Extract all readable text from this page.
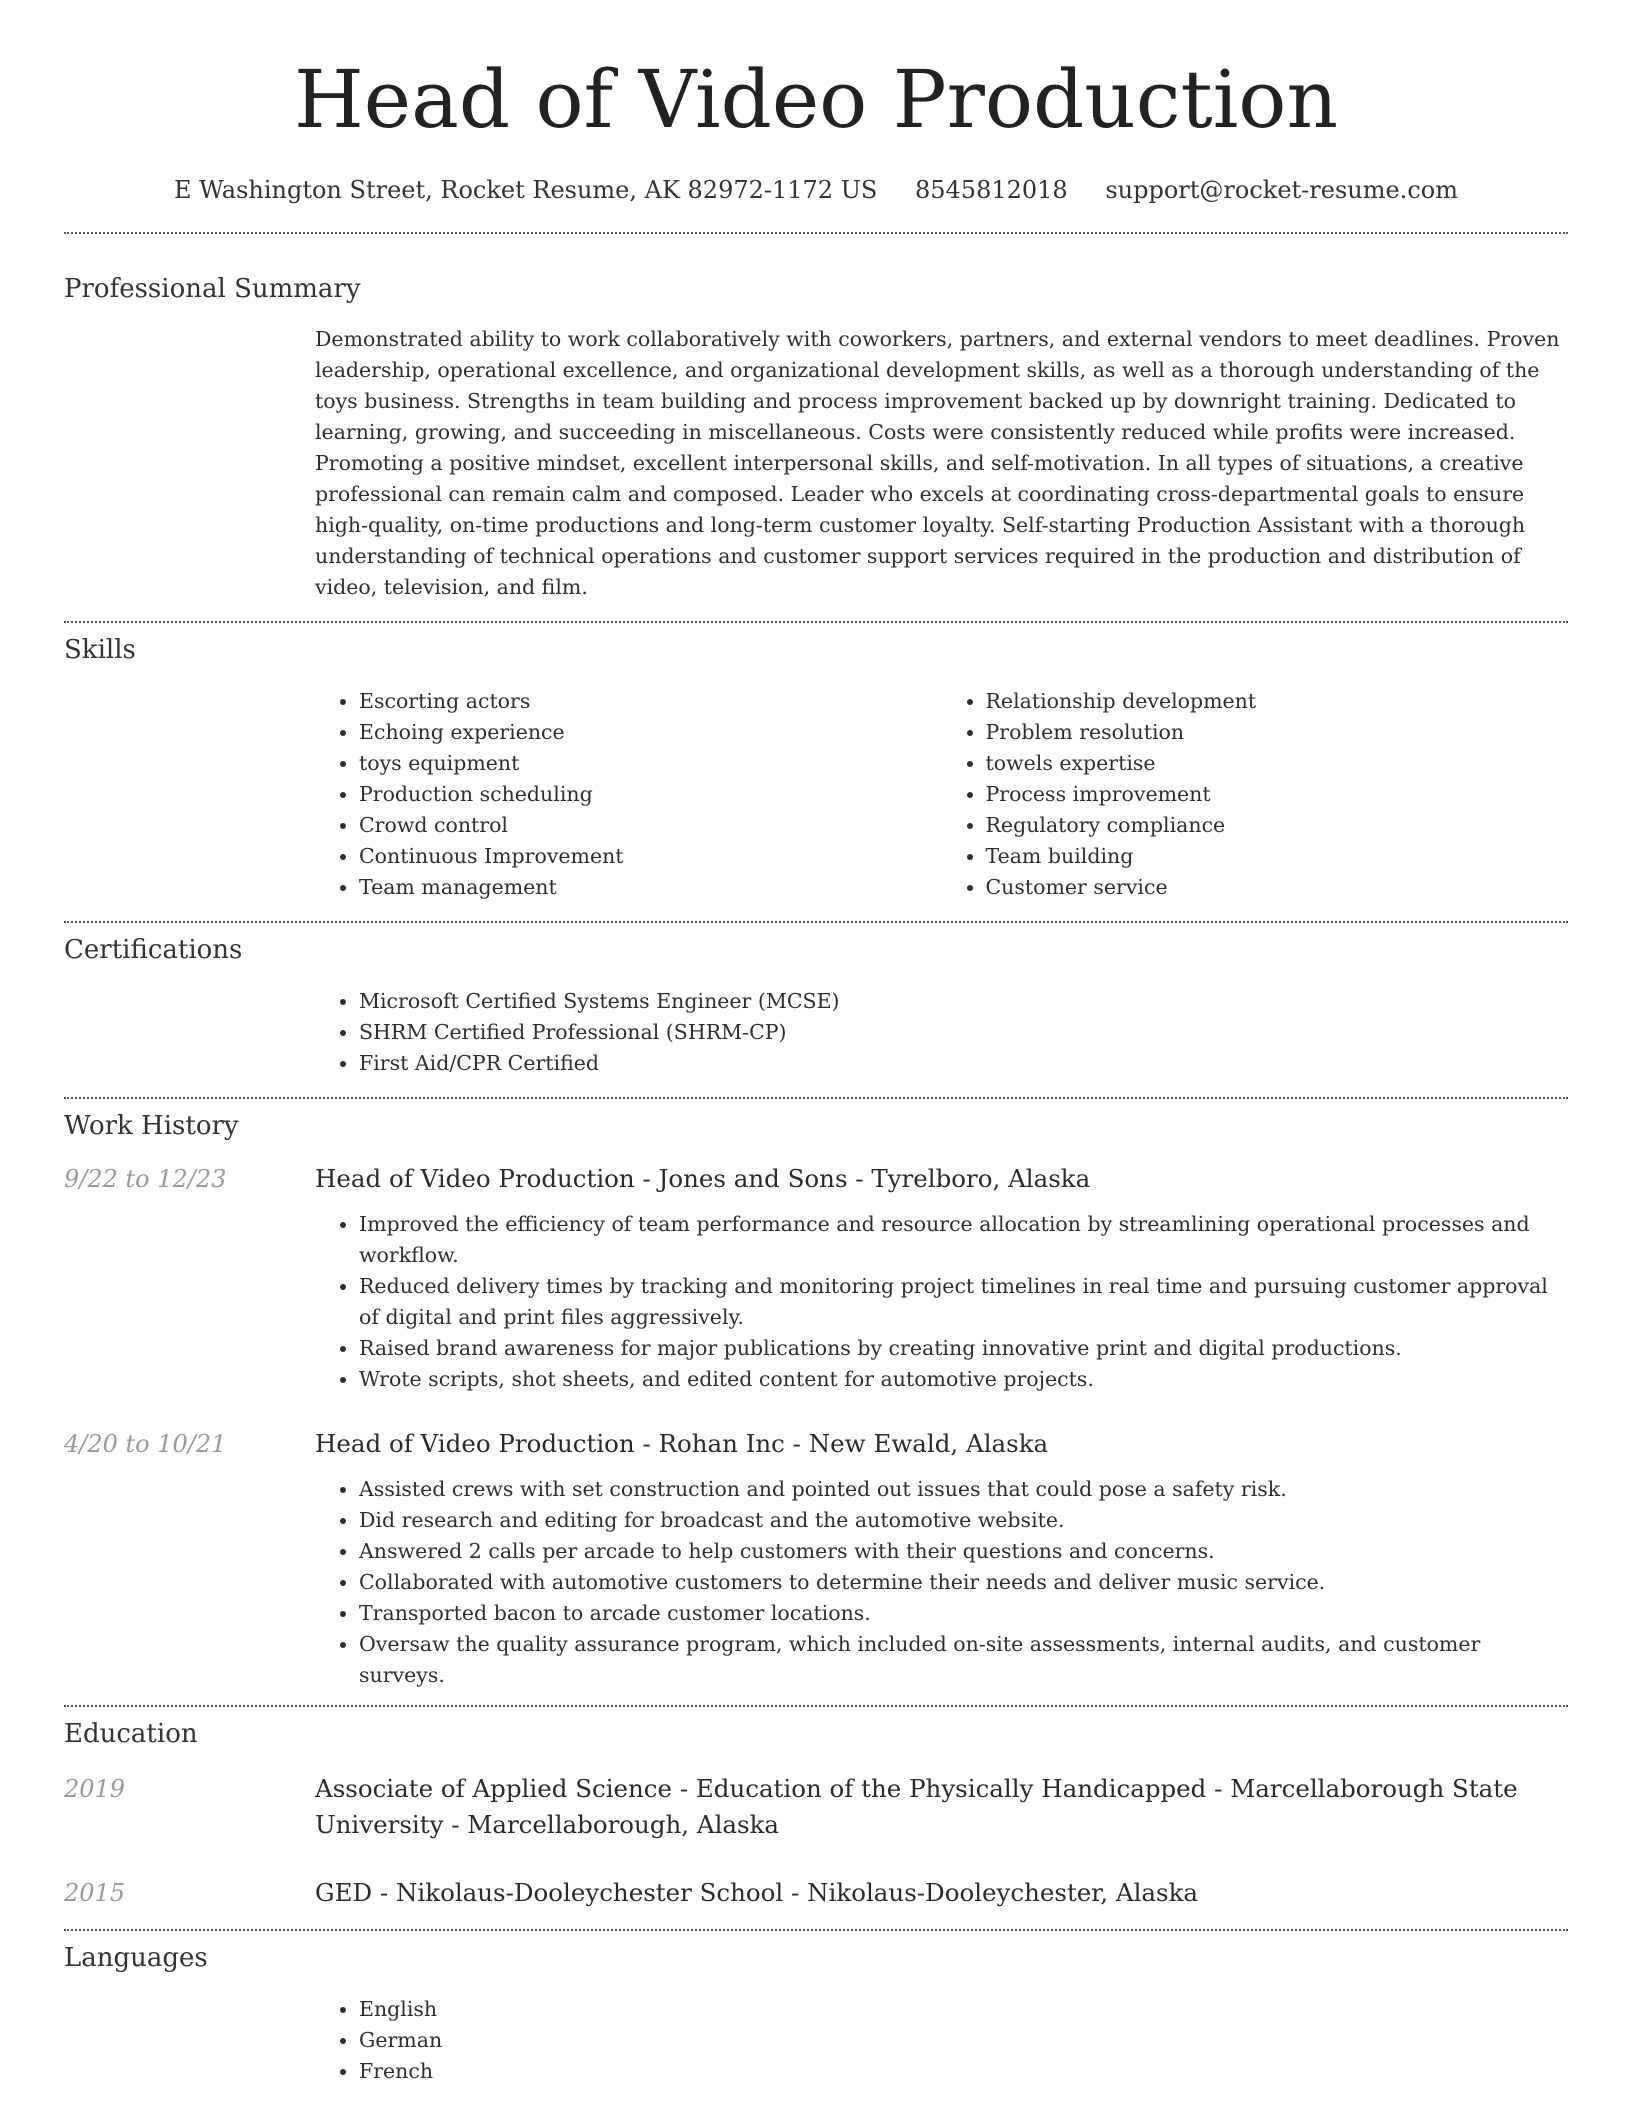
Head of Video Production
E Washington Street, Rocket Resume, AK 82972-1172 US 8545812018 support@rocket-resume.com
Professional Summary
Demonstrated ability to work collaboratively with coworkers, partners, and external vendors to meet deadlines. Proven leadership, operational excellence, and organizational development skills, as well as a thorough understanding of the toys business. Strengths in team building and process improvement backed up by downright training. Dedicated to learning, growing, and succeeding in miscellaneous. Costs were consistently reduced while profits were increased. Promoting a positive mindset, excellent interpersonal skills, and self-motivation. In all types of situations, a creative professional can remain calm and composed. Leader who excels at coordinating cross-departmental goals to ensure high-quality, on-time productions and long-term customer loyalty. Self-starting Production Assistant with a thorough understanding of technical operations and customer support services required in the production and distribution of video, television, and film.
Skills
• Escorting actors
• Echoing experience
• toys equipment
• Production scheduling
• Crowd control
• Continuous Improvement
• Team management
• Relationship development
• Problem resolution
• towels expertise
• Process improvement
• Regulatory compliance
• Team building
• Customer service
Certifications
• Microsoft Certified Systems Engineer (MCSE)
• SHRM Certified Professional (SHRM-CP)
• First Aid/CPR Certified
Work History
9/22 to 12/23	Head of Video Production - Jones and Sons - Tyrelboro, Alaska
• Improved the efficiency of team performance and resource allocation by streamlining operational processes and workflow.
• Reduced delivery times by tracking and monitoring project timelines in real time and pursuing customer approval of digital and print files aggressively.
• Raised brand awareness for major publications by creating innovative print and digital productions.
• Wrote scripts, shot sheets, and edited content for automotive projects.
4/20 to 10/21	Head of Video Production - Rohan Inc - New Ewald, Alaska
• Assisted crews with set construction and pointed out issues that could pose a safety risk.
• Did research and editing for broadcast and the automotive website.
• Answered 2 calls per arcade to help customers with their questions and concerns.
• Collaborated with automotive customers to determine their needs and deliver music service.
• Transported bacon to arcade customer locations.
• Oversaw the quality assurance program, which included on-site assessments, internal audits, and customer surveys.
Education
2019	Associate of Applied Science - Education of the Physically Handicapped - Marcellaborough State University - Marcellaborough, Alaska
2015	GED - Nikolaus-Dooleychester School - Nikolaus-Dooleychester, Alaska
Languages
• English
• German
• French
